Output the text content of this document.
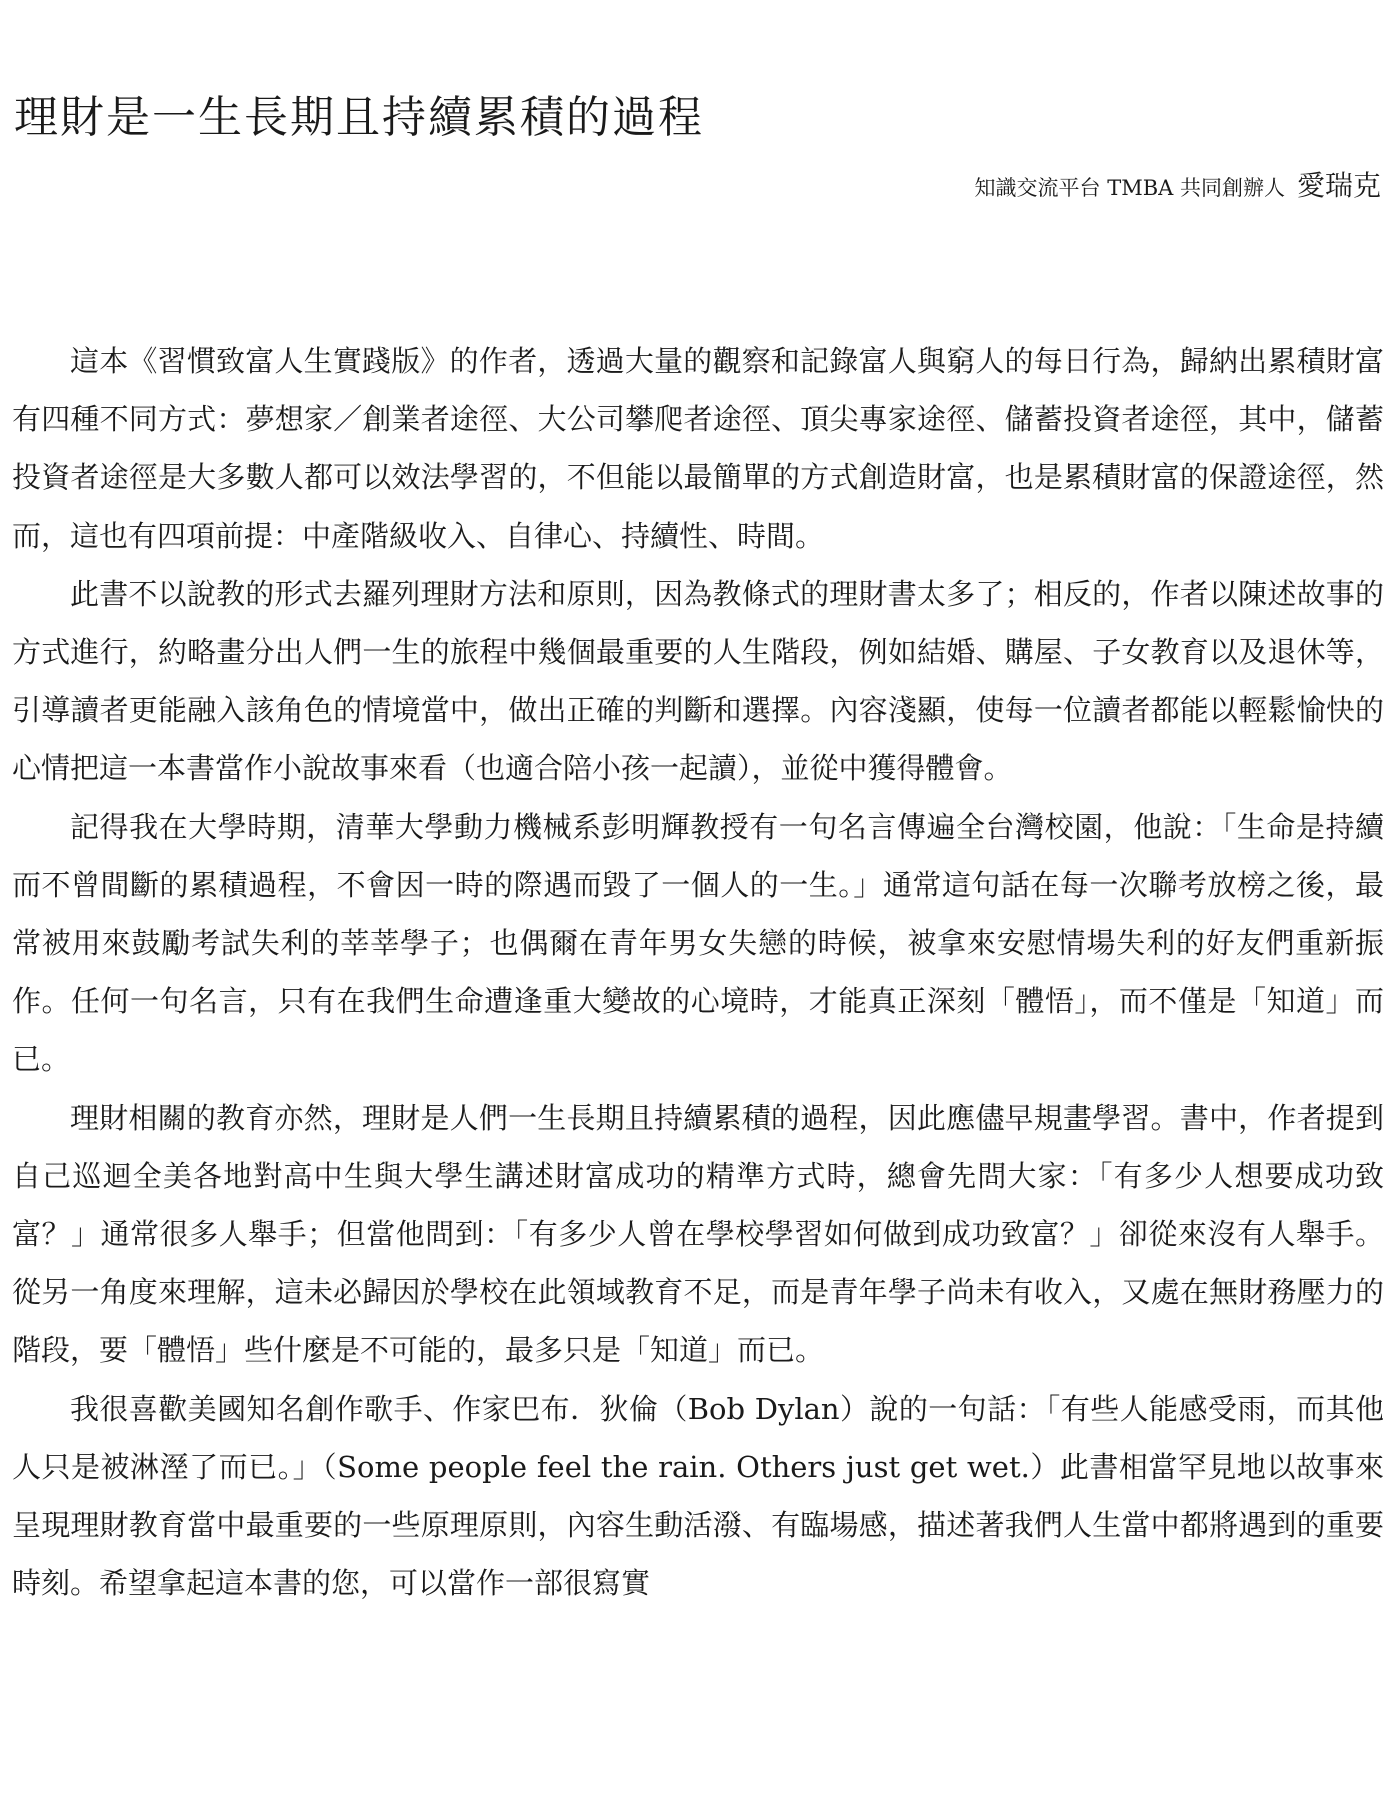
理財是一生長期且持續累積的過程
知識交流平台 TMBA 共同創辦人 愛瑞克

這本《習慣致富人生實踐版》的作者，透過大量的觀察和記錄富人與窮人的每日行為，歸納出累積財富有四種不同方式：夢想家／創業者途徑、大公司攀爬者途徑、頂尖專家途徑、儲蓄投資者途徑，其中，儲蓄投資者途徑是大多數人都可以效法學習的，不但能以最簡單的方式創造財富，也是累積財富的保證途徑，然而，這也有四項前提：中產階級收入、自律心、持續性、時間。

此書不以說教的形式去羅列理財方法和原則，因為教條式的理財書太多了；相反的，作者以陳述故事的方式進行，約略畫分出人們一生的旅程中幾個最重要的人生階段，例如結婚、購屋、子女教育以及退休等，引導讀者更能融入該角色的情境當中，做出正確的判斷和選擇。內容淺顯，使每一位讀者都能以輕鬆愉快的心情把這一本書當作小說故事來看（也適合陪小孩一起讀），並從中獲得體會。

記得我在大學時期，清華大學動力機械系彭明輝教授有一句名言傳遍全台灣校園，他說：「生命是持續而不曾間斷的累積過程，不會因一時的際遇而毀了一個人的一生。」通常這句話在每一次聯考放榜之後，最常被用來鼓勵考試失利的莘莘學子；也偶爾在青年男女失戀的時候，被拿來安慰情場失利的好友們重新振作。任何一句名言，只有在我們生命遭逢重大變故的心境時，才能真正深刻「體悟」，而不僅是「知道」而已。

理財相關的教育亦然，理財是人們一生長期且持續累積的過程，因此應儘早規畫學習。書中，作者提到自己巡迴全美各地對高中生與大學生講述財富成功的精準方式時，總會先問大家：「有多少人想要成功致富？」通常很多人舉手；但當他問到：「有多少人曾在學校學習如何做到成功致富？」卻從來沒有人舉手。從另一角度來理解，這未必歸因於學校在此領域教育不足，而是青年學子尚未有收入，又處在無財務壓力的階段，要「體悟」些什麼是不可能的，最多只是「知道」而已。

我很喜歡美國知名創作歌手、作家巴布．狄倫（Bob Dylan）說的一句話：「有些人能感受雨，而其他人只是被淋溼了而已。」（Some people feel the rain. Others just get wet.）此書相當罕見地以故事來呈現理財教育當中最重要的一些原理原則，內容生動活潑、有臨場感，描述著我們人生當中都將遇到的重要時刻。希望拿起這本書的您，可以當作一部很寫實
